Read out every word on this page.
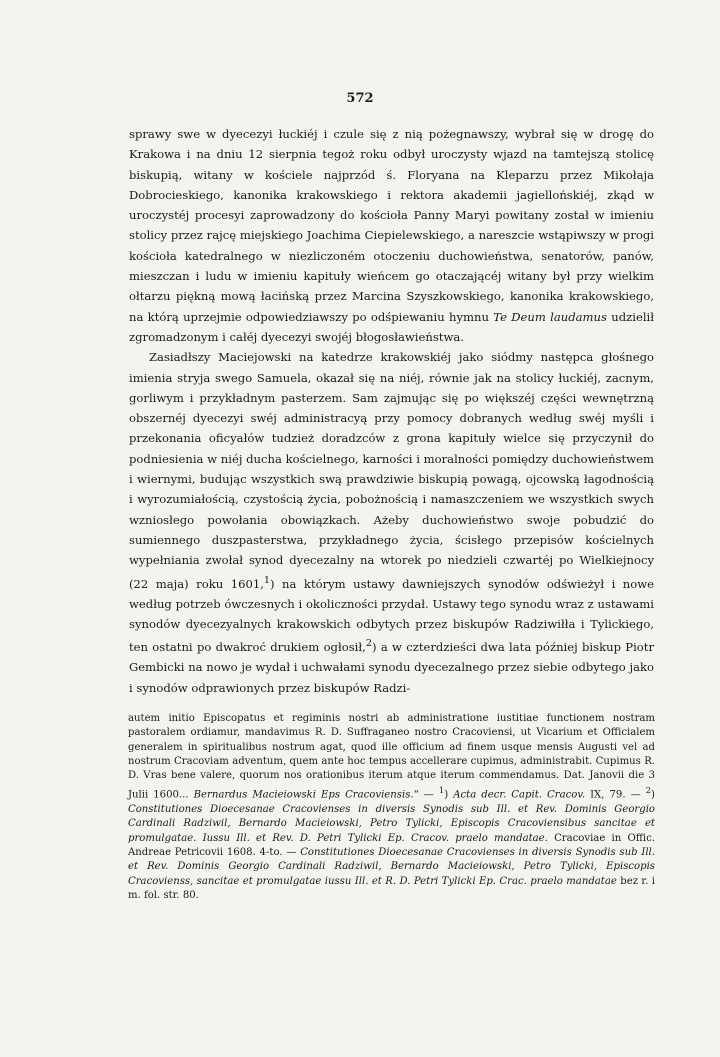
572

sprawy swe w dyecezyi łuckiéj i czule się z nią pożegnawszy, wybrał się w drogę do Krakowa i na dniu 12 sierpnia tegoż roku odbył uroczysty wjazd na tamtejszą stolicę biskupią, witany w kościele najprzód ś. Floryana na Kleparzu przez Mikołaja Dobrocieskiego, kanonika krakowskiego i rektora akademii jagiellońskiéj, zkąd w uroczystéj procesyi zaprowadzony do kościoła Panny Maryi powitany został w imieniu stolicy przez rajcę miejskiego Joachima Ciepielewskiego, a nareszcie wstąpiwszy w progi kościoła katedralnego w niezliczoném otoczeniu duchowieństwa, senatorów, panów, mieszczan i ludu w imieniu kapituły wieńcem go otaczającéj witany był przy wielkim ołtarzu piękną mową łacińską przez Marcina Szyszkowskiego, kanonika krakowskiego, na którą uprzejmie odpowiedziawszy po odśpiewaniu hymnu Te Deum laudamus udzielił zgromadzonym i całéj dyecezyi swojéj błogosławieństwa.

Zasiadłszy Maciejowski na katedrze krakowskiéj jako siódmy następca głośnego imienia stryja swego Samuela, okazał się na niéj, równie jak na stolicy łuckiéj, zacnym, gorliwym i przykładnym pasterzem. Sam zajmując się po większéj części wewnętrzną obszernéj dyecezyi swéj administracyą przy pomocy dobranych według swéj myśli i przekonania oficyałów tudzież doradzców z grona kapituły wielce się przyczynił do podniesienia w niéj ducha kościelnego, karności i moralności pomiędzy duchowieństwem i wiernymi, budując wszystkich swą prawdziwie biskupią powagą, ojcowską łagodnością i wyrozumiałością, czystością życia, pobożnością i namaszczeniem we wszystkich swych wzniosłego powołania obowiązkach. Ażeby duchowieństwo swoje pobudzić do sumiennego duszpasterstwa, przykładnego życia, ścisłego przepisów kościelnych wypełniania zwołał synod dyecezalny na wtorek po niedzieli czwartéj po Wielkiejnocy (22 maja) roku 1601,$^1$) na którym ustawy dawniejszych synodów odświeżył i nowe według potrzeb ówczesnych i okoliczności przydał. Ustawy tego synodu wraz z ustawami synodów dyecezyalnych krakowskich odbytych przez biskupów Radziwiłła i Tylickiego, ten ostatni po dwakroć drukiem ogłosił,$^2$) a w czterdzieści dwa lata później biskup Piotr Gembicki na nowo je wydał i uchwałami synodu dyecezalnego przez siebie odbytego jako i synodów odprawionych przez biskupów Radzi-

autem initio Episcopatus et regiminis nostri ab administratione iustitiae functionem nostram pastoralem ordiamur, mandavimus R. D. Suffraganeo nostro Cracoviensi, ut Vicarium et Officialem generalem in spiritualibus nostrum agat, quod ille officium ad finem usque mensis Augusti vel ad nostrum Cracoviam adventum, quem ante hoc tempus accellerare cupimus, administrabit. Cupimus R. D. Vras bene valere, quorum nos orationibus iterum atque iterum commendamus. Dat. Janovii die 3 Julii 1600... Bernardus Macieiowski Eps Cracoviensis.“ — $^1$) Acta decr. Capit. Cracov. IX, 79. — $^2$) Constitutiones Dioecesanae Cracovienses in diversis Synodis sub Ill. et Rev. Dominis Georgio Cardinali Radziwil, Bernardo Macieiowski, Petro Tylicki, Episcopis Cracoviensibus sancitae et promulgatae. Iussu Ill. et Rev. D. Petri Tylicki Ep. Cracov. praelo mandatae. Cracoviae in Offic. Andreae Petricovii 1608. 4-to. — Constitutiones Dioecesanae Cracovienses in diversis Synodis sub Ill. et Rev. Dominis Georgio Cardinali Radziwil, Bernardo Macieiowski, Petro Tylicki, Episcopis Cracovienss, sancitae et promulgatae iussu Ill. et R. D. Petri Tylicki Ep. Crac. praelo mandatae bez r. i m. fol. str. 80.
